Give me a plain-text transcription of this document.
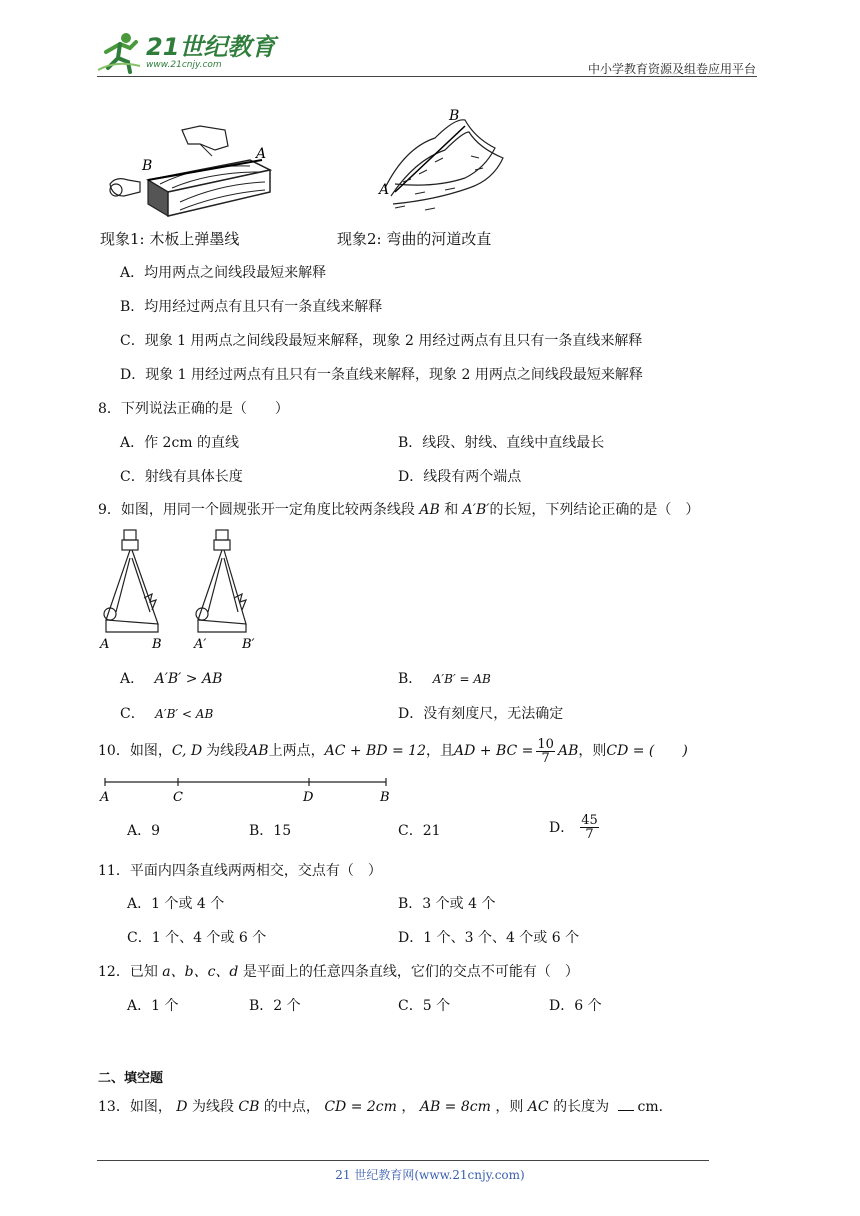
21世纪教育
www.21cnjy.com	中小学教育资源及组卷应用平台
B
A
现象1: 木板上弹墨线
B
A
现象2: 弯曲的河道改直
A．均用两点之间线段最短来解释
B．均用经过两点有且只有一条直线来解释
C．现象 1 用两点之间线段最短来解释，现象 2 用经过两点有且只有一条直线来解释
D．现象 1 用经过两点有且只有一条直线来解释，现象 2 用两点之间线段最短来解释
8．下列说法正确的是（　　）
A．作 2cm 的直线	B．线段、射线、直线中直线最长
C．射线有具体长度	D．线段有两个端点
9．如图，用同一个圆规张开一定角度比较两条线段 AB 和 A′B′的长短，下列结论正确的是（　）
A	B A′	B′
A． A′B′ > AB	B． A′B′ = AB
C． A′B′ < AB	D．没有刻度尺，无法确定
10．如图， C, D 为线段 AB 上两点， AC + BD = 12 ，且 AD + BC = $\frac{10}{7}$ AB ，则 CD = (　　)
A	C	D	B
A．9	B．15	C．21	D． $\frac{45}{7}$
11．平面内四条直线两两相交，交点有（　）
A．1 个或 4 个	B．3 个或 4 个
C．1 个、4 个或 6 个	D．1 个、3 个、4 个或 6 个
12．已知 a、b、c、d 是平面上的任意四条直线，它们的交点不可能有（　）
A．1 个	B．2 个	C．5 个	D．6 个
二、填空题
13．如图， D 为线段 CB 的中点， CD = 2cm ， AB = 8cm ，则 AC 的长度为 cm．
21 世纪教育网(www.21cnjy.com)
